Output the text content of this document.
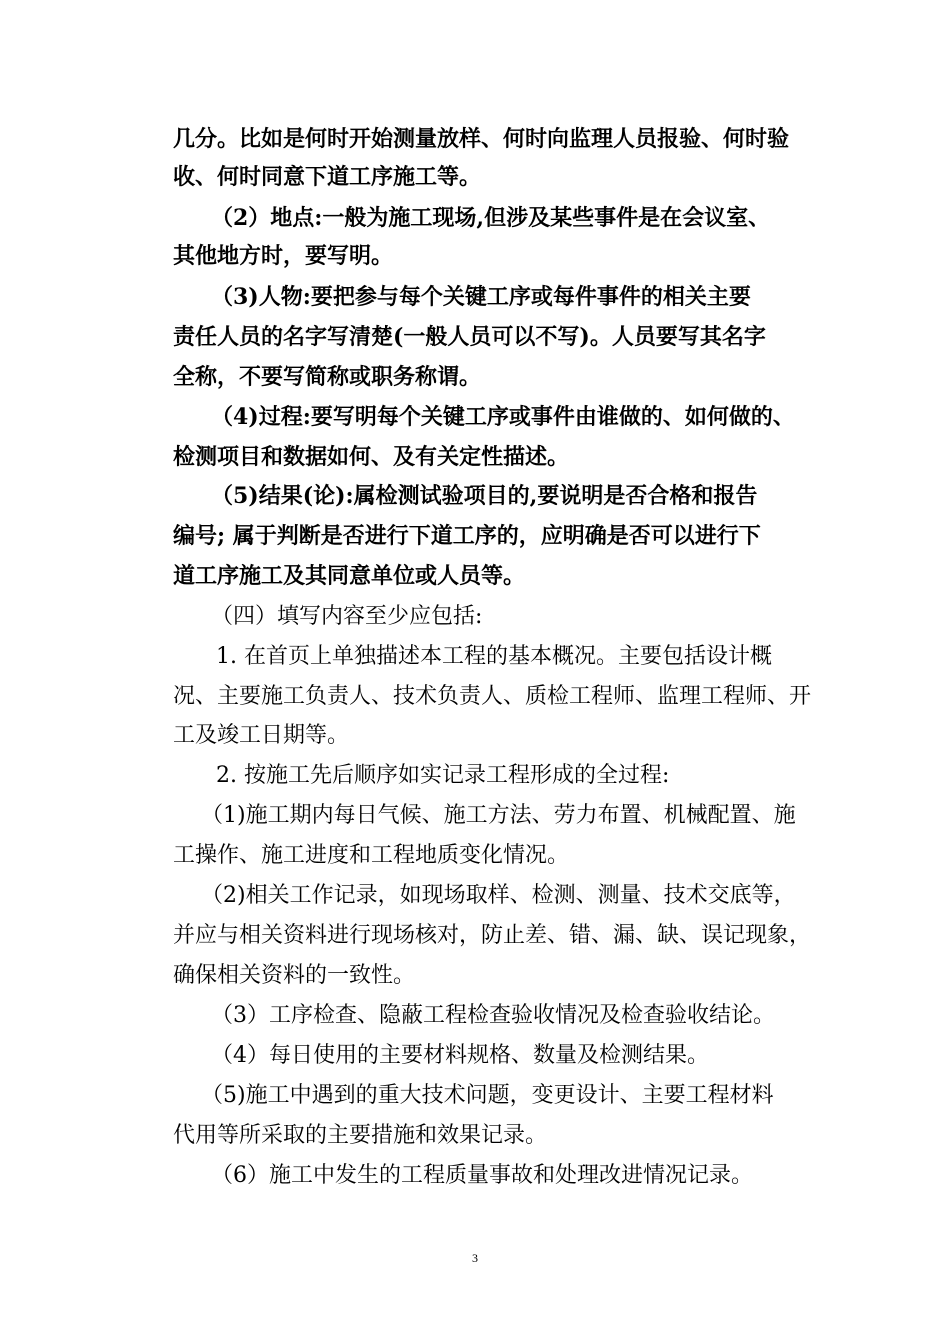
几分。比如是何时开始测量放样、何时向监理人员报验、何时验
收、何时同意下道工序施工等。
（2）地点:一般为施工现场,但涉及某些事件是在会议室、
其他地方时，要写明。
（3)人物:要把参与每个关键工序或每件事件的相关主要
责任人员的名字写清楚(一般人员可以不写)。人员要写其名字
全称，不要写简称或职务称谓。
（4)过程:要写明每个关键工序或事件由谁做的、如何做的、
检测项目和数据如何、及有关定性描述。
（5)结果(论):属检测试验项目的,要说明是否合格和报告
编号; 属于判断是否进行下道工序的，应明确是否可以进行下
道工序施工及其同意单位或人员等。
（四）填写内容至少应包括:
1. 在首页上单独描述本工程的基本概况。主要包括设计概
况、主要施工负责人、技术负责人、质检工程师、监理工程师、开
工及竣工日期等。
2. 按施工先后顺序如实记录工程形成的全过程:
（1)施工期内每日气候、施工方法、劳力布置、机械配置、施
工操作、施工进度和工程地质变化情况。
（2)相关工作记录，如现场取样、检测、测量、技术交底等，
并应与相关资料进行现场核对，防止差、错、漏、缺、误记现象，
确保相关资料的一致性。
（3）工序检查、隐蔽工程检查验收情况及检查验收结论。
（4）每日使用的主要材料规格、数量及检测结果。
（5)施工中遇到的重大技术问题，变更设计、主要工程材料
代用等所采取的主要措施和效果记录。
（6）施工中发生的工程质量事故和处理改进情况记录。
3
